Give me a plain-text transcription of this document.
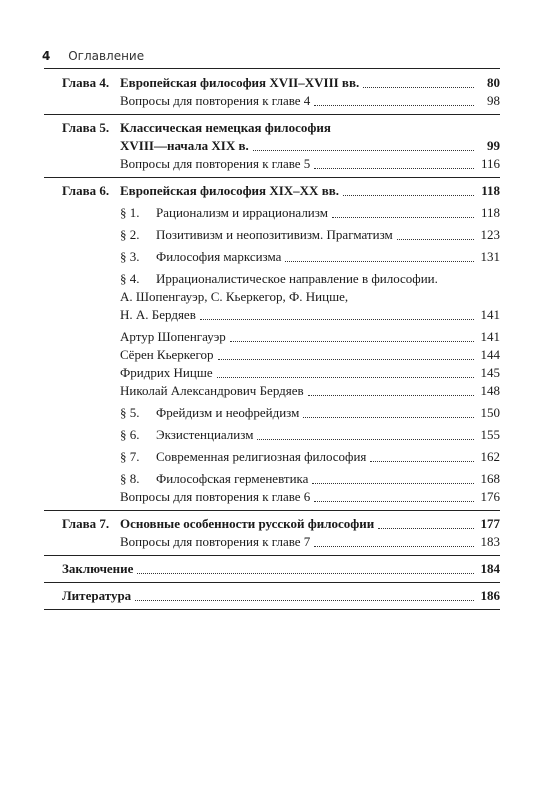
4 Оглавление
Глава 4. Европейская философия XVII–XVIII вв.	80
Вопросы для повторения к главе 4	98
Глава 5. Классическая немецкая философия
XVIII—начала XIX в.	99
Вопросы для повторения к главе 5	116
Глава 6. Европейская философия XIX–XX вв.	118
§ 1. Рационализм и иррационализм	118
§ 2. Позитивизм и неопозитивизм. Прагматизм	123
§ 3. Философия марксизма	131
§ 4. Иррационалистическое направление в философии.
А. Шопенгауэр, С. Кьеркегор, Ф. Ницше,
Н. А. Бердяев	141
Артур Шопенгауэр	141
Сёрен Кьеркегор	144
Фридрих Ницше	145
Николай Александрович Бердяев	148
§ 5. Фрейдизм и неофрейдизм	150
§ 6. Экзистенциализм	155
§ 7. Современная религиозная философия	162
§ 8. Философская герменевтика	168
Вопросы для повторения к главе 6	176
Глава 7. Основные особенности русской философии	177
Вопросы для повторения к главе 7	183
Заключение	184
Литература	186
